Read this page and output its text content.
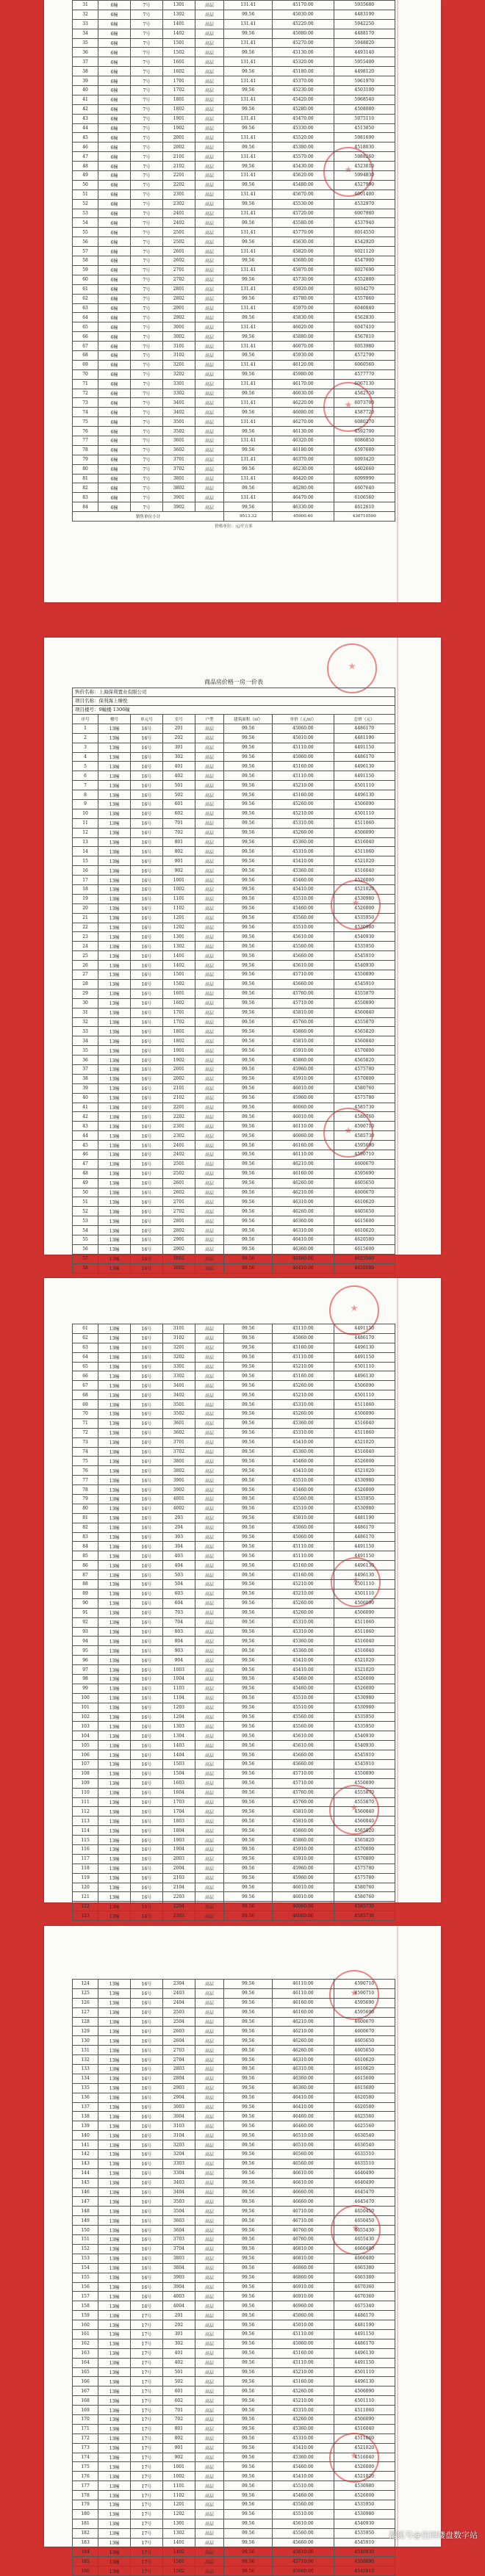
31	6幢	7号	1301	高层	131.41	45170.00	5935680
32	6幢	7号	1302	高层	99.56	45030.00	4483190
33	6幢	7号	1401	高层	131.41	45220.00	5942250
34	6幢	7号	1402	高层	99.56	45080.00	4488170
35	6幢	7号	1501	高层	131.41	45270.00	5948820
36	6幢	7号	1502	高层	99.56	45130.00	4493140
37	6幢	7号	1601	高层	131.41	45320.00	5955400
38	6幢	7号	1602	高层	99.56	45180.00	4498120
39	6幢	7号	1701	高层	131.41	45370.00	5961970
40	6幢	7号	1702	高层	99.56	45230.00	4503100
41	6幢	7号	1801	高层	131.41	45420.00	5968540
42	6幢	7号	1802	高层	99.56	45280.00	4508080
43	6幢	7号	1901	高层	131.41	45470.00	5975110
44	6幢	7号	1902	高层	99.56	45330.00	4513050
45	6幢	7号	2001	高层	131.41	45520.00	5981690
46	6幢	7号	2002	高层	99.56	45380.00	4518030
47	6幢	7号	2101	高层	131.41	45570.00	5988260
48	6幢	7号	2102	高层	99.56	45430.00	4523010
49	6幢	7号	2201	高层	131.41	45620.00	5994830
50	6幢	7号	2202	高层	99.56	45480.00	4527990
51	6幢	7号	2301	高层	131.41	45670.00	6001400
52	6幢	7号	2302	高层	99.56	45530.00	4532970
53	6幢	7号	2401	高层	131.41	45720.00	6007980
54	6幢	7号	2402	高层	99.56	45580.00	4537940
55	6幢	7号	2501	高层	131.41	45770.00	6014550
56	6幢	7号	2502	高层	99.56	45630.00	4542920
57	6幢	7号	2601	高层	131.41	45820.00	6021120
58	6幢	7号	2602	高层	99.56	45680.00	4547900
59	6幢	7号	2701	高层	131.41	45870.00	6027690
60	6幢	7号	2702	高层	99.56	45730.00	4552880
61	6幢	7号	2801	高层	131.41	45920.00	6034270
62	6幢	7号	2802	高层	99.56	45780.00	4557860
63	6幢	7号	2901	高层	131.41	45970.00	6040840
64	6幢	7号	2902	高层	99.56	45830.00	4562830
65	6幢	7号	3001	高层	131.41	46020.00	6047410
66	6幢	7号	3002	高层	99.56	45880.00	4567810
67	6幢	7号	3101	高层	131.41	46070.00	6053980
68	6幢	7号	3102	高层	99.56	45930.00	4572790
69	6幢	7号	3201	高层	131.41	46120.00	6060560
70	6幢	7号	3202	高层	99.56	45980.00	4577770
71	6幢	7号	3301	高层	131.41	46170.00	6067130
72	6幢	7号	3302	高层	99.56	46030.00	4582750
73	6幢	7号	3401	高层	131.41	46220.00	6073700
74	6幢	7号	3402	高层	99.56	46080.00	4587720
75	6幢	7号	3501	高层	131.41	46270.00	6080270
76	6幢	7号	3502	高层	99.56	46130.00	4592700
77	6幢	7号	3601	高层	131.41	46320.00	6086850
78	6幢	7号	3602	高层	99.56	46180.00	4597680
79	6幢	7号	3701	高层	131.41	46370.00	6093420
80	6幢	7号	3702	高层	99.56	46230.00	4602660
81	6幢	7号	3801	高层	131.41	46420.00	6099990
82	6幢	7号	3802	高层	99.56	46280.00	4607640
83	6幢	7号	3901	高层	131.41	46470.00	6106560
84	6幢	7号	3902	高层	99.56	46330.00	4612610
销售单位小计					9513.32	45900.40	436710500
价格单位：元/平方米
商品房价格一房一价表
售价名称：上海保利置业有限公司
项目名称：保利海上臻悦
项目楼号：9幢楼 1306幢
序号	楼号	单元号	室号	户型	建筑面积（㎡）	单价（元/㎡）	总价（元）
1	13幢	16号	201	高层	99.56	45060.00	4486170
2	13幢	16号	202	高层	99.56	45010.00	4481190
3	13幢	16号	301	高层	99.56	45110.00	4491150
4	13幢	16号	302	高层	99.56	45060.00	4486170
5	13幢	16号	401	高层	99.56	45160.00	4496130
6	13幢	16号	402	高层	99.56	45110.00	4491150
7	13幢	16号	501	高层	99.56	45210.00	4501110
8	13幢	16号	502	高层	99.56	45160.00	4496130
9	13幢	16号	601	高层	99.56	45260.00	4506090
10	13幢	16号	602	高层	99.56	45210.00	4501110
11	13幢	16号	701	高层	99.56	45310.00	4511060
12	13幢	16号	702	高层	99.56	45260.00	4506090
13	13幢	16号	801	高层	99.56	45360.00	4516040
14	13幢	16号	802	高层	99.56	45310.00	4511060
15	13幢	16号	901	高层	99.56	45410.00	4521020
16	13幢	16号	902	高层	99.56	45360.00	4516040
17	13幢	16号	1001	高层	99.56	45460.00	4526000
18	13幢	16号	1002	高层	99.56	45410.00	4521020
19	13幢	16号	1101	高层	99.56	45510.00	4530980
20	13幢	16号	1102	高层	99.56	45460.00	4526000
21	13幢	16号	1201	高层	99.56	45560.00	4535950
22	13幢	16号	1202	高层	99.56	45510.00	4530980
23	13幢	16号	1301	高层	99.56	45610.00	4540930
24	13幢	16号	1302	高层	99.56	45560.00	4535950
25	13幢	16号	1401	高层	99.56	45660.00	4545910
26	13幢	16号	1402	高层	99.56	45610.00	4540930
27	13幢	16号	1501	高层	99.56	45710.00	4550890
28	13幢	16号	1502	高层	99.56	45660.00	4545910
29	13幢	16号	1601	高层	99.56	45760.00	4555870
30	13幢	16号	1602	高层	99.56	45710.00	4550890
31	13幢	16号	1701	高层	99.56	45810.00	4560840
32	13幢	16号	1702	高层	99.56	45760.00	4555870
33	13幢	16号	1801	高层	99.56	45860.00	4565820
34	13幢	16号	1802	高层	99.56	45810.00	4560840
35	13幢	16号	1901	高层	99.56	45910.00	4570800
36	13幢	16号	1902	高层	99.56	45860.00	4565820
37	13幢	16号	2001	高层	99.56	45960.00	4575780
38	13幢	16号	2002	高层	99.56	45910.00	4570800
39	13幢	16号	2101	高层	99.56	46010.00	4580760
40	13幢	16号	2102	高层	99.56	45960.00	4575780
41	13幢	16号	2201	高层	99.56	46060.00	4585730
42	13幢	16号	2202	高层	99.56	46010.00	4580760
43	13幢	16号	2301	高层	99.56	46110.00	4590710
44	13幢	16号	2302	高层	99.56	46060.00	4585730
45	13幢	16号	2401	高层	99.56	46160.00	4595690
46	13幢	16号	2402	高层	99.56	46110.00	4590710
47	13幢	16号	2501	高层	99.56	46210.00	4600670
48	13幢	16号	2502	高层	99.56	46160.00	4595690
49	13幢	16号	2601	高层	99.56	46260.00	4605650
50	13幢	16号	2602	高层	99.56	46210.00	4600670
51	13幢	16号	2701	高层	99.56	46310.00	4610620
52	13幢	16号	2702	高层	99.56	46260.00	4605650
53	13幢	16号	2801	高层	99.56	46360.00	4615600
54	13幢	16号	2802	高层	99.56	46310.00	4610620
55	13幢	16号	2901	高层	99.56	46410.00	4620580
56	13幢	16号	2902	高层	99.56	46360.00	4615600
57	13幢	16号	3001	高层	99.56	46460.00	4625560
58	13幢	16号	3002	高层	99.56	46410.00	4620580
61	13幢	16号	3101	高层	99.56	45110.00	4491150
62	13幢	16号	3102	高层	99.56	45060.00	4486170
63	13幢	16号	3201	高层	99.56	45160.00	4496130
64	13幢	16号	3202	高层	99.56	45110.00	4491150
65	13幢	16号	3301	高层	99.56	45210.00	4501110
66	13幢	16号	3302	高层	99.56	45160.00	4496130
67	13幢	16号	3401	高层	99.56	45260.00	4506090
68	13幢	16号	3402	高层	99.56	45210.00	4501110
69	13幢	16号	3501	高层	99.56	45310.00	4511060
70	13幢	16号	3502	高层	99.56	45260.00	4506090
71	13幢	16号	3601	高层	99.56	45360.00	4516040
72	13幢	16号	3602	高层	99.56	45310.00	4511060
73	13幢	16号	3701	高层	99.56	45410.00	4521020
74	13幢	16号	3702	高层	99.56	45360.00	4516040
75	13幢	16号	3801	高层	99.56	45460.00	4526000
76	13幢	16号	3802	高层	99.56	45410.00	4521020
77	13幢	16号	3901	高层	99.56	45510.00	4530980
78	13幢	16号	3902	高层	99.56	45460.00	4526000
79	13幢	16号	4001	高层	99.56	45560.00	4535950
80	13幢	16号	4002	高层	99.56	45510.00	4530980
81	13幢	16号	203	高层	99.56	45010.00	4481190
82	13幢	16号	204	高层	99.56	45060.00	4486170
83	13幢	16号	303	高层	99.56	45060.00	4486170
84	13幢	16号	304	高层	99.56	45110.00	4491150
85	13幢	16号	403	高层	99.56	45110.00	4491150
86	13幢	16号	404	高层	99.56	45160.00	4496130
87	13幢	16号	503	高层	99.56	45160.00	4496130
88	13幢	16号	504	高层	99.56	45210.00	4501110
89	13幢	16号	603	高层	99.56	45210.00	4501110
90	13幢	16号	604	高层	99.56	45260.00	4506090
91	13幢	16号	703	高层	99.56	45260.00	4506090
92	13幢	16号	704	高层	99.56	45310.00	4511060
93	13幢	16号	803	高层	99.56	45310.00	4511060
94	13幢	16号	804	高层	99.56	45360.00	4516040
95	13幢	16号	903	高层	99.56	45360.00	4516040
96	13幢	16号	904	高层	99.56	45410.00	4521020
97	13幢	16号	1003	高层	99.56	45410.00	4521020
98	13幢	16号	1004	高层	99.56	45460.00	4526000
99	13幢	16号	1103	高层	99.56	45460.00	4526000
100	13幢	16号	1104	高层	99.56	45510.00	4530980
101	13幢	16号	1203	高层	99.56	45510.00	4530980
102	13幢	16号	1204	高层	99.56	45560.00	4535950
103	13幢	16号	1303	高层	99.56	45560.00	4535950
104	13幢	16号	1304	高层	99.56	45610.00	4540930
105	13幢	16号	1403	高层	99.56	45610.00	4540930
106	13幢	16号	1404	高层	99.56	45660.00	4545910
107	13幢	16号	1503	高层	99.56	45660.00	4545910
108	13幢	16号	1504	高层	99.56	45710.00	4550890
109	13幢	16号	1603	高层	99.56	45710.00	4550890
110	13幢	16号	1604	高层	99.56	45760.00	4555870
111	13幢	16号	1703	高层	99.56	45760.00	4555870
112	13幢	16号	1704	高层	99.56	45810.00	4560840
113	13幢	16号	1803	高层	99.56	45810.00	4560840
114	13幢	16号	1804	高层	99.56	45860.00	4565820
115	13幢	16号	1903	高层	99.56	45860.00	4565820
116	13幢	16号	1904	高层	99.56	45910.00	4570800
117	13幢	16号	2003	高层	99.56	45910.00	4570800
118	13幢	16号	2004	高层	99.56	45960.00	4575780
119	13幢	16号	2103	高层	99.56	45960.00	4575780
120	13幢	16号	2104	高层	99.56	46010.00	4580760
121	13幢	16号	2203	高层	99.56	46010.00	4580760
122	13幢	16号	2204	高层	99.56	46060.00	4585730
123	13幢	16号	2303	高层	99.56	46060.00	4585730
124	13幢	16号	2304	高层	99.56	46110.00	4590710
125	13幢	16号	2403	高层	99.56	46110.00	4590710
126	13幢	16号	2404	高层	99.56	46160.00	4595690
127	13幢	16号	2503	高层	99.56	46160.00	4595690
128	13幢	16号	2504	高层	99.56	46210.00	4600670
129	13幢	16号	2603	高层	99.56	46210.00	4600670
130	13幢	16号	2604	高层	99.56	46260.00	4605650
131	13幢	16号	2703	高层	99.56	46260.00	4605650
132	13幢	16号	2704	高层	99.56	46310.00	4610620
133	13幢	16号	2803	高层	99.56	46310.00	4610620
134	13幢	16号	2804	高层	99.56	46360.00	4615600
135	13幢	16号	2903	高层	99.56	46360.00	4615600
136	13幢	16号	2904	高层	99.56	46410.00	4620580
137	13幢	16号	3003	高层	99.56	46410.00	4620580
138	13幢	16号	3004	高层	99.56	46460.00	4625560
139	13幢	16号	3103	高层	99.56	46460.00	4625560
140	13幢	16号	3104	高层	99.56	46510.00	4630540
141	13幢	16号	3203	高层	99.56	46510.00	4630540
142	13幢	16号	3204	高层	99.56	46560.00	4635510
143	13幢	16号	3303	高层	99.56	46560.00	4635510
144	13幢	16号	3304	高层	99.56	46610.00	4640490
145	13幢	16号	3403	高层	99.56	46610.00	4640490
146	13幢	16号	3404	高层	99.56	46660.00	4645470
147	13幢	16号	3503	高层	99.56	46660.00	4645470
148	13幢	16号	3504	高层	99.56	46710.00	4650450
149	13幢	16号	3603	高层	99.56	46710.00	4650450
150	13幢	16号	3604	高层	99.56	46760.00	4655430
151	13幢	16号	3703	高层	99.56	46760.00	4655430
152	13幢	16号	3704	高层	99.56	46810.00	4660400
153	13幢	16号	3803	高层	99.56	46810.00	4660400
154	13幢	16号	3804	高层	99.56	46860.00	4665380
155	13幢	16号	3903	高层	99.56	46860.00	4665380
156	13幢	16号	3904	高层	99.56	46910.00	4670360
157	13幢	16号	4003	高层	99.56	46910.00	4670360
158	13幢	16号	4004	高层	99.56	46960.00	4675340
159	13幢	17号	201	高层	99.56	45060.00	4486170
160	13幢	17号	202	高层	99.56	45010.00	4481190
161	13幢	17号	301	高层	99.56	45110.00	4491150
162	13幢	17号	302	高层	99.56	45060.00	4486170
163	13幢	17号	401	高层	99.56	45160.00	4496130
164	13幢	17号	402	高层	99.56	45110.00	4491150
165	13幢	17号	501	高层	99.56	45210.00	4501110
166	13幢	17号	502	高层	99.56	45160.00	4496130
167	13幢	17号	601	高层	99.56	45260.00	4506090
168	13幢	17号	602	高层	99.56	45210.00	4501110
169	13幢	17号	701	高层	99.56	45310.00	4511060
170	13幢	17号	702	高层	99.56	45260.00	4506090
171	13幢	17号	801	高层	99.56	45360.00	4516040
172	13幢	17号	802	高层	99.56	45310.00	4511060
173	13幢	17号	901	高层	99.56	45410.00	4521020
174	13幢	17号	902	高层	99.56	45360.00	4516040
175	13幢	17号	1001	高层	99.56	45460.00	4526000
176	13幢	17号	1002	高层	99.56	45410.00	4521020
177	13幢	17号	1101	高层	99.56	45510.00	4530980
178	13幢	17号	1102	高层	99.56	45460.00	4526000
179	13幢	17号	1201	高层	99.56	45560.00	4535950
180	13幢	17号	1202	高层	99.56	45510.00	4530980
181	13幢	17号	1301	高层	99.56	45610.00	4540930
182	13幢	17号	1302	高层	99.56	45560.00	4535950
183	13幢	17号	1401	高层	99.56	45660.00	4545910
184	13幢	17号	1402	高层	99.56	45610.00	4540930
185	13幢	17号	1501	高层	99.56	45710.00	4550890
186	13幢	17号	1502	高层	99.56	45660.00	4545910
搜狐号@佳园楼盘数字站
